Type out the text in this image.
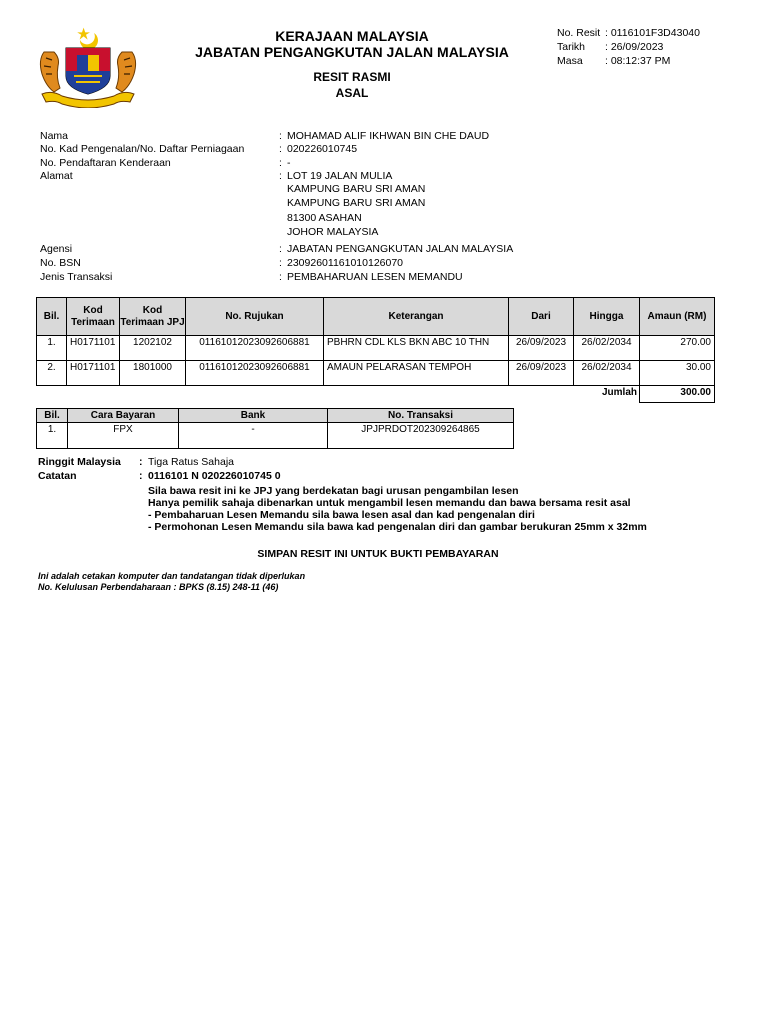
KERAJAAN MALAYSIA
JABATAN PENGANGKUTAN JALAN MALAYSIA
RESIT RASMI
ASAL
No. Resit : 0116101F3D43040
Tarikh : 26/09/2023
Masa : 08:12:37 PM
Nama	: MOHAMAD ALIF IKHWAN BIN CHE DAUD
No. Kad Pengenalan/No. Daftar Perniagaan	: 020226010745
No. Pendaftaran Kenderaan	: -
Alamat	: LOT 19 JALAN MULIA
KAMPUNG BARU SRI AMAN
KAMPUNG BARU SRI AMAN
81300 ASAHAN
JOHOR MALAYSIA
Agensi	: JABATAN PENGANGKUTAN JALAN MALAYSIA
No. BSN	: 23092601161010126070
Jenis Transaksi	: PEMBAHARUAN LESEN MEMANDU
Bil.	Kod Terimaan	Kod Terimaan JPJ	No. Rujukan	Keterangan	Dari	Hingga	Amaun (RM)
1.	H0171101	1202102	01161012023092606881	PBHRN CDL KLS BKN ABC 10 THN	26/09/2023	26/02/2034	270.00
2.	H0171101	1801000	01161012023092606881	AMAUN PELARASAN TEMPOH	26/09/2023	26/02/2034	30.00
Jumlah							300.00
Bil.	Cara Bayaran	Bank	No. Transaksi
1.	FPX	-	JPJPRDOT202309264865
Ringgit Malaysia : Tiga Ratus Sahaja
Catatan	: 0116101 N 020226010745 0
Sila bawa resit ini ke JPJ yang berdekatan bagi urusan pengambilan lesen
Hanya pemilik sahaja dibenarkan untuk mengambil lesen memandu dan bawa bersama resit asal
- Pembaharuan Lesen Memandu sila bawa lesen asal dan kad pengenalan diri
- Permohonan Lesen Memandu sila bawa kad pengenalan diri dan gambar berukuran 25mm x 32mm
SIMPAN RESIT INI UNTUK BUKTI PEMBAYARAN
Ini adalah cetakan komputer dan tandatangan tidak diperlukan
No. Kelulusan Perbendaharaan : BPKS (8.15) 248-11 (46)
